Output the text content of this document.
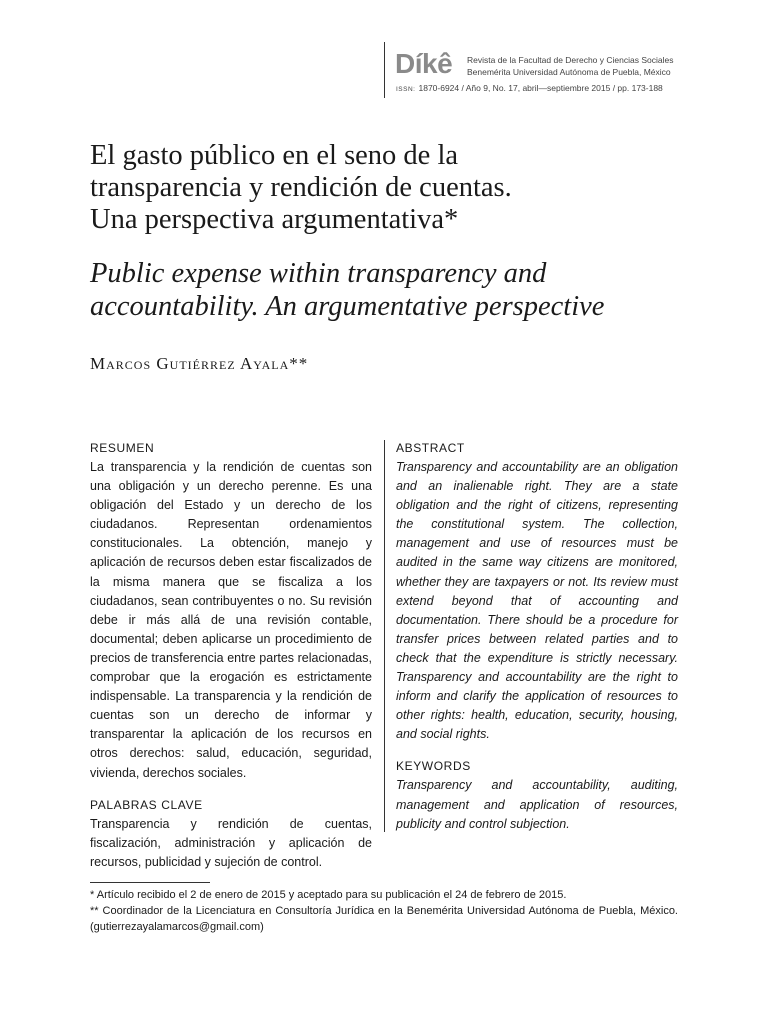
Díkê Revista de la Facultad de Derecho y Ciencias Sociales
Benemérita Universidad Autónoma de Puebla, México
ISSN: 1870-6924 / Año 9, No. 17, abril—septiembre 2015 / pp. 173-188
El gasto público en el seno de la
transparencia y rendición de cuentas.
Una perspectiva argumentativa*
Public expense within transparency and
accountability. An argumentative perspective
Marcos Gutiérrez Ayala**
RESUMEN

La transparencia y la rendición de cuentas son una obligación y un derecho perenne. Es una obligación del Estado y un derecho de los ciudadanos. Representan ordenamientos constitucionales. La obtención, manejo y aplicación de recursos deben estar fiscalizados de la misma manera que se fiscaliza a los ciudadanos, sean contribuyentes o no. Su revisión debe ir más allá de una revisión contable, documental; deben aplicarse un procedimiento de precios de transferencia entre partes relacionadas, comprobar que la erogación es estrictamente indispensable. La transparencia y la rendición de cuentas son un derecho de informar y transparentar la aplicación de los recursos en otros derechos: salud, educación, seguridad, vivienda, derechos sociales.

PALABRAS CLAVE

Transparencia y rendición de cuentas, fiscalización, administración y aplicación de recursos, publicidad y sujeción de control.

ABSTRACT

Transparency and accountability are an obligation and an inalienable right. They are a state obligation and the right of citizens, representing the constitutional system. The collection, management and use of resources must be audited in the same way citizens are monitored, whether they are taxpayers or not. Its review must extend beyond that of accounting and documentation. There should be a procedure for transfer prices between related parties and to check that the expenditure is strictly necessary. Transparency and accountability are the right to inform and clarify the application of resources to other rights: health, education, security, housing, and social rights.

KEYWORDS

Transparency and accountability, auditing, management and application of resources, publicity and control subjection.

* Artículo recibido el 2 de enero de 2015 y aceptado para su publicación el 24 de febrero de 2015.

** Coordinador de la Licenciatura en Consultoría Jurídica en la Benemérita Universidad Autónoma de Puebla, México. (gutierrezayalamarcos@gmail.com)
